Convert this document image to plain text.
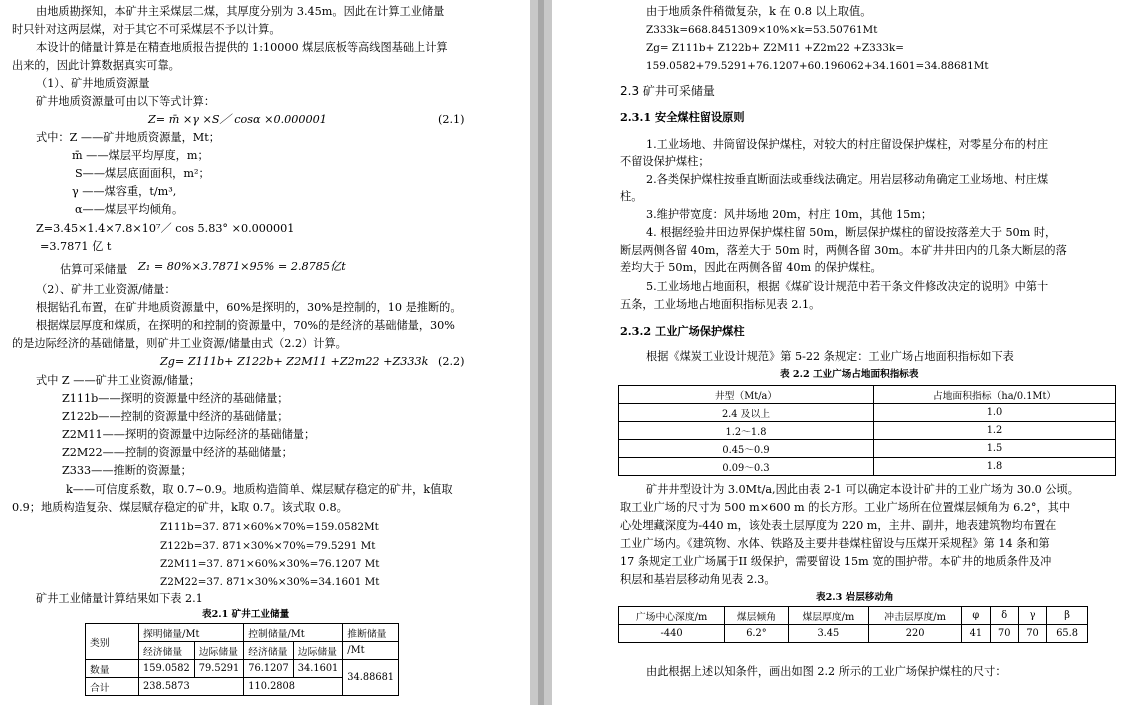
由地质勘探知，本矿井主采煤层二煤，其厚度分别为 3.45m。因此在计算工业储量
时只针对这两层煤，对于其它不可采煤层不予以计算。
本设计的储量计算是在精查地质报告提供的 1:10000 煤层底板等高线图基础上计算
出来的，因此计算数据真实可靠。
（1）、矿井地质资源量
矿井地质资源量可由以下等式计算：
Z= m̄ ×γ ×S／ cosα ×0.000001	(2.1)
式中：Z ——矿井地质资源量，Mt；
m̄ ——煤层平均厚度，m；
S——煤层底面面积，m²；
γ ——煤容重，t/m³,
α——煤层平均倾角。
Z=3.45×1.4×7.8×10⁷／ cos 5.83° ×0.000001
=3.7871 亿 t
估算可采储量 Z₁ = 80%×3.7871×95% = 2.8785亿t
（2）、矿井工业资源/储量：
根据钻孔布置，在矿井地质资源量中，60%是探明的，30%是控制的，10 是推断的。
根据煤层厚度和煤质，在探明的和控制的资源量中，70%的是经济的基础储量，30%
的是边际经济的基础储量，则矿井工业资源/储量由式（2.2）计算。
Zg= Z111b+ Z122b+ Z2M11 +Z2m22 +Z333k (2.2)
式中 Z ——矿井工业资源/储量；
Z111b——探明的资源量中经济的基础储量；
Z122b——控制的资源量中经济的基础储量；
Z2M11——探明的资源量中边际经济的基础储量；
Z2M22——控制的资源量中经济的基础储量；
Z333——推断的资源量；
k——可信度系数，取 0.7~0.9。地质构造简单、煤层赋存稳定的矿井，k值取
0.9；地质构造复杂、煤层赋存稳定的矿井，k取 0.7。该式取 0.8。
Z111b=37. 871×60%×70%=159.0582Mt
Z122b=37. 871×30%×70%=79.5291 Mt
Z2M11=37. 871×60%×30%=76.1207 Mt
Z2M22=37. 871×30%×30%=34.1601 Mt
矿井工业储量计算结果如下表 2.1
表2.1 矿井工业储量
类别	探明储量/Mt		控制储量/Mt		推断储量
	经济储量	边际储量	经济储量	边际储量	/Mt
数量	159.0582	79.5291	76.1207	34.1601	34.88681
合计	238.5873		110.2808		
由于地质条件稍微复杂，k 在 0.8 以上取值。
Z333k=668.8451309×10%×k=53.50761Mt
Zg= Z111b+ Z122b+ Z2M11 +Z2m22 +Z333k=
159.0582+79.5291+76.1207+60.196062+34.1601=34.88681Mt
2.3 矿井可采储量
2.3.1 安全煤柱留设原则
1.工业场地、井筒留设保护煤柱，对较大的村庄留设保护煤柱，对零星分布的村庄
不留设保护煤柱；
2.各类保护煤柱按垂直断面法或垂线法确定。用岩层移动角确定工业场地、村庄煤
柱。
3.维护带宽度：风井场地 20m，村庄 10m，其他 15m；
4. 根据经验井田边界保护煤柱留 50m，断层保护煤柱的留设按落差大于 50m 时，
断层两侧各留 40m，落差大于 50m 时，两侧各留 30m。本矿井井田内的几条大断层的落
差均大于 50m，因此在两侧各留 40m 的保护煤柱。
5.工业场地占地面积，根据《煤矿设计规范中若干条文件修改决定的说明》中第十
五条，工业场地占地面积指标见表 2.1。
2.3.2 工业广场保护煤柱
根据《煤炭工业设计规范》第 5-22 条规定：工业广场占地面积指标如下表
表 2.2 工业广场占地面积指标表
井型（Mt/a）	占地面积指标（ha/0.1Mt）
2.4 及以上	1.0
1.2～1.8	1.2
0.45～0.9	1.5
0.09～0.3	1.8
矿井井型设计为 3.0Mt/a,因此由表 2-1 可以确定本设计矿井的工业广场为 30.0 公顷。
取工业广场的尺寸为 500 m×600 m 的长方形。工业广场所在位置煤层倾角为 6.2°，其中
心处埋藏深度为-440 m，该处表土层厚度为 220 m，主井、副井，地表建筑物均布置在
工业广场内。《建筑物、水体、铁路及主要井巷煤柱留设与压煤开采规程》第 14 条和第
17 条规定工业广场属于II 级保护，需要留设 15m 宽的围护带。本矿井的地质条件及冲
积层和基岩层移动角见表 2.3。
表2.3 岩层移动角
广场中心深度/m	煤层倾角	煤层厚度/m	冲击层厚度/m	φ	δ	γ	β
-440	6.2°	3.45	220	41	70	70	65.8
由此根据上述以知条件，画出如图 2.2 所示的工业广场保护煤柱的尺寸：
